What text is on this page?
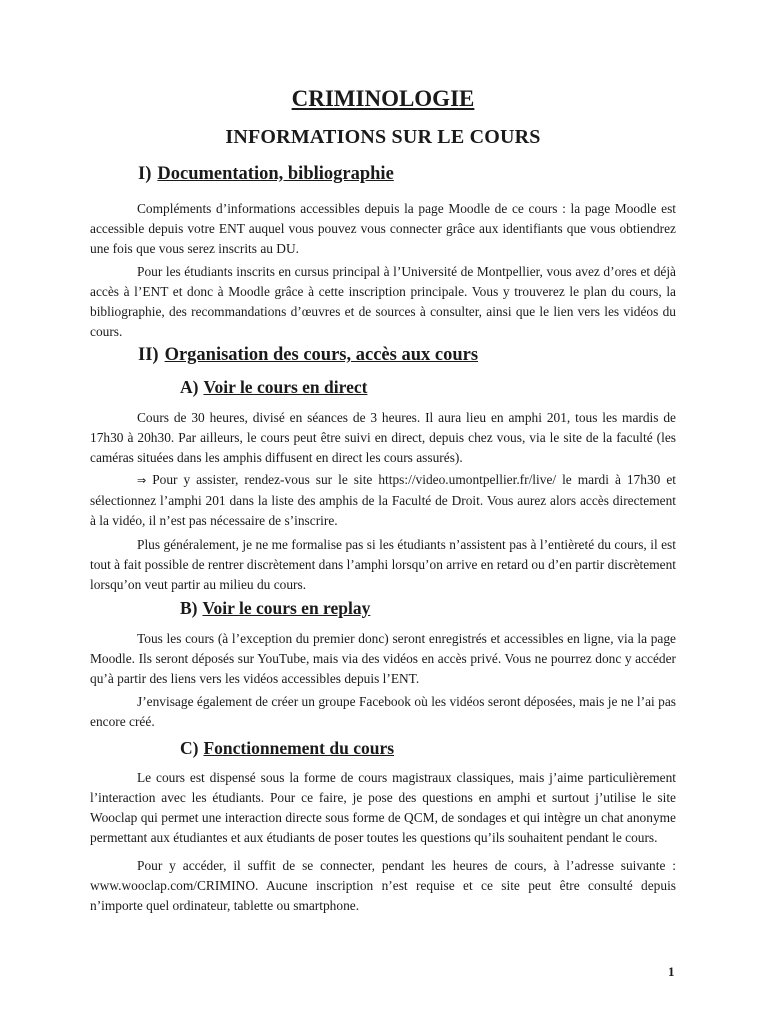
CRIMINOLOGIE
INFORMATIONS SUR LE COURS
I) Documentation, bibliographie

Compléments d’informations accessibles depuis la page Moodle de ce cours : la page Moodle est accessible depuis votre ENT auquel vous pouvez vous connecter grâce aux identifiants que vous obtiendrez une fois que vous serez inscrits au DU.

Pour les étudiants inscrits en cursus principal à l’Université de Montpellier, vous avez d’ores et déjà accès à l’ENT et donc à Moodle grâce à cette inscription principale. Vous y trouverez le plan du cours, la bibliographie, des recommandations d’œuvres et de sources à consulter, ainsi que le lien vers les vidéos du cours.

II) Organisation des cours, accès aux cours
A) Voir le cours en direct

Cours de 30 heures, divisé en séances de 3 heures. Il aura lieu en amphi 201, tous les mardis de 17h30 à 20h30. Par ailleurs, le cours peut être suivi en direct, depuis chez vous, via le site de la faculté (les caméras situées dans les amphis diffusent en direct les cours assurés).

⇒ Pour y assister, rendez-vous sur le site https://video.umontpellier.fr/live/ le mardi à 17h30 et sélectionnez l’amphi 201 dans la liste des amphis de la Faculté de Droit. Vous aurez alors accès directement à la vidéo, il n’est pas nécessaire de s’inscrire.

Plus généralement, je ne me formalise pas si les étudiants n’assistent pas à l’entièreté du cours, il est tout à fait possible de rentrer discrètement dans l’amphi lorsqu’on arrive en retard ou d’en partir discrètement lorsqu’on veut partir au milieu du cours.

B) Voir le cours en replay

Tous les cours (à l’exception du premier donc) seront enregistrés et accessibles en ligne, via la page Moodle. Ils seront déposés sur YouTube, mais via des vidéos en accès privé. Vous ne pourrez donc y accéder qu’à partir des liens vers les vidéos accessibles depuis l’ENT.

J’envisage également de créer un groupe Facebook où les vidéos seront déposées, mais je ne l’ai pas encore créé.

C) Fonctionnement du cours

Le cours est dispensé sous la forme de cours magistraux classiques, mais j’aime particulièrement l’interaction avec les étudiants. Pour ce faire, je pose des questions en amphi et surtout j’utilise le site Wooclap qui permet une interaction directe sous forme de QCM, de sondages et qui intègre un chat anonyme permettant aux étudiantes et aux étudiants de poser toutes les questions qu’ils souhaitent pendant le cours.

Pour y accéder, il suffit de se connecter, pendant les heures de cours, à l’adresse suivante : www.wooclap.com/CRIMINO. Aucune inscription n’est requise et ce site peut être consulté depuis n’importe quel ordinateur, tablette ou smartphone.

1
